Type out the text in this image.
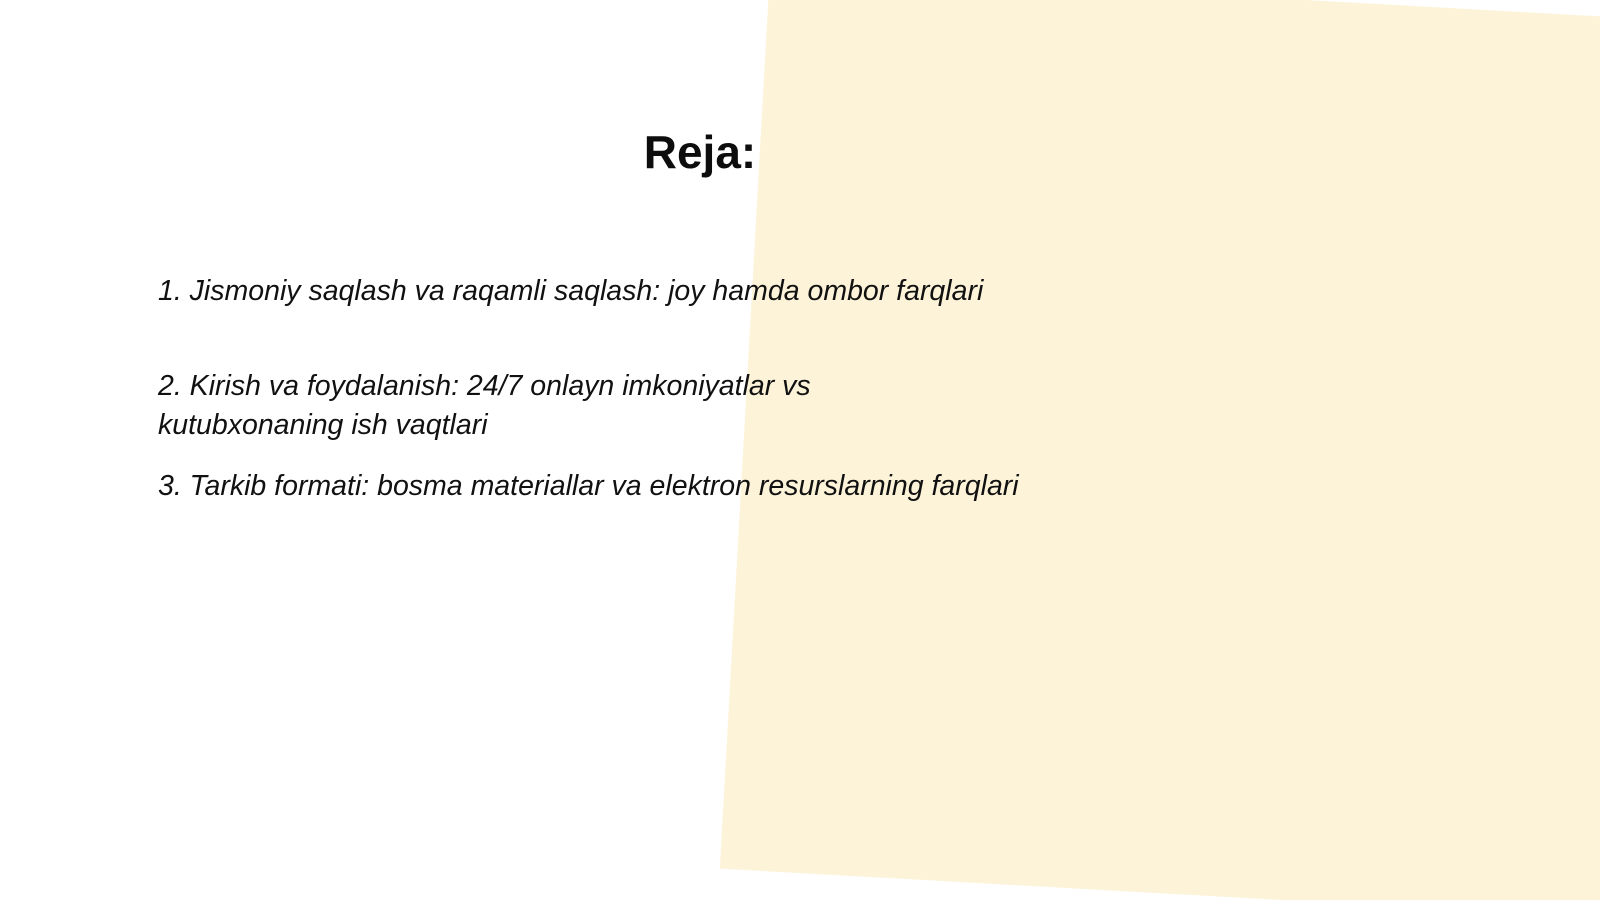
Reja:
1. Jismoniy saqlash va raqamli saqlash: joy hamda ombor farqlari
2. Kirish va foydalanish: 24/7 onlayn imkoniyatlar vs kutubxonaning ish vaqtlari
3. Tarkib formati: bosma materiallar va elektron resurslarning farqlari
